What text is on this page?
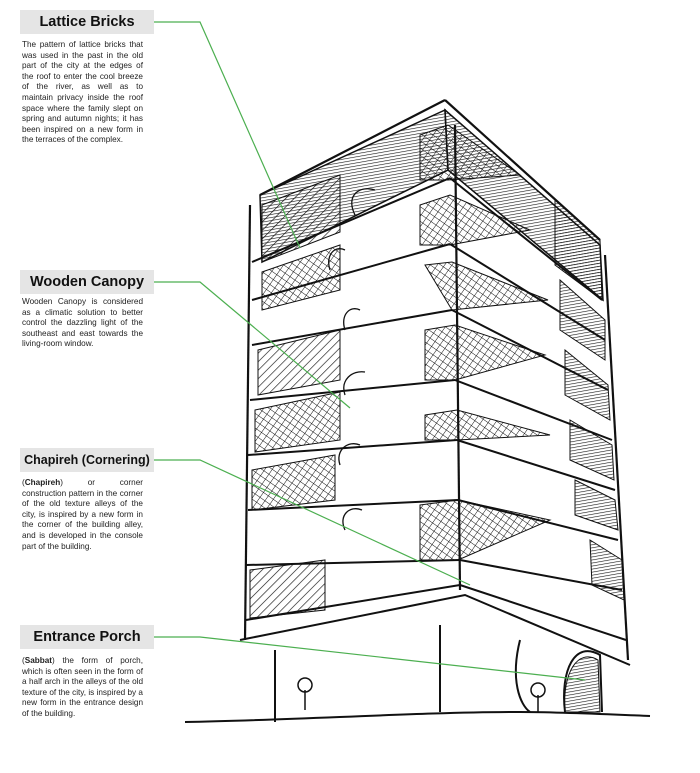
Lattice Bricks
The pattern of lattice bricks that was used in the past in the old part of the city at the edges of the roof to enter the cool breeze of the river, as well as to maintain privacy inside the roof space where the family slept on spring and autumn nights; it has been inspired on a new form in the terraces of the complex.
Wooden Canopy
Wooden Canopy is considered as a climatic solution to better control the dazzling light of the southeast and east towards the living-room window.
Chapireh (Cornering)
(Chapireh) or corner construction pattern in the corner of the old texture alleys of the city, is inspired by a new form in the corner of the building alley, and is developed in the console part of the building.
Entrance Porch
(Sabbat) the form of porch, which is often seen in the form of a half arch in the alleys of the old texture of the city, is inspired by a new form in the entrance design of the building.
